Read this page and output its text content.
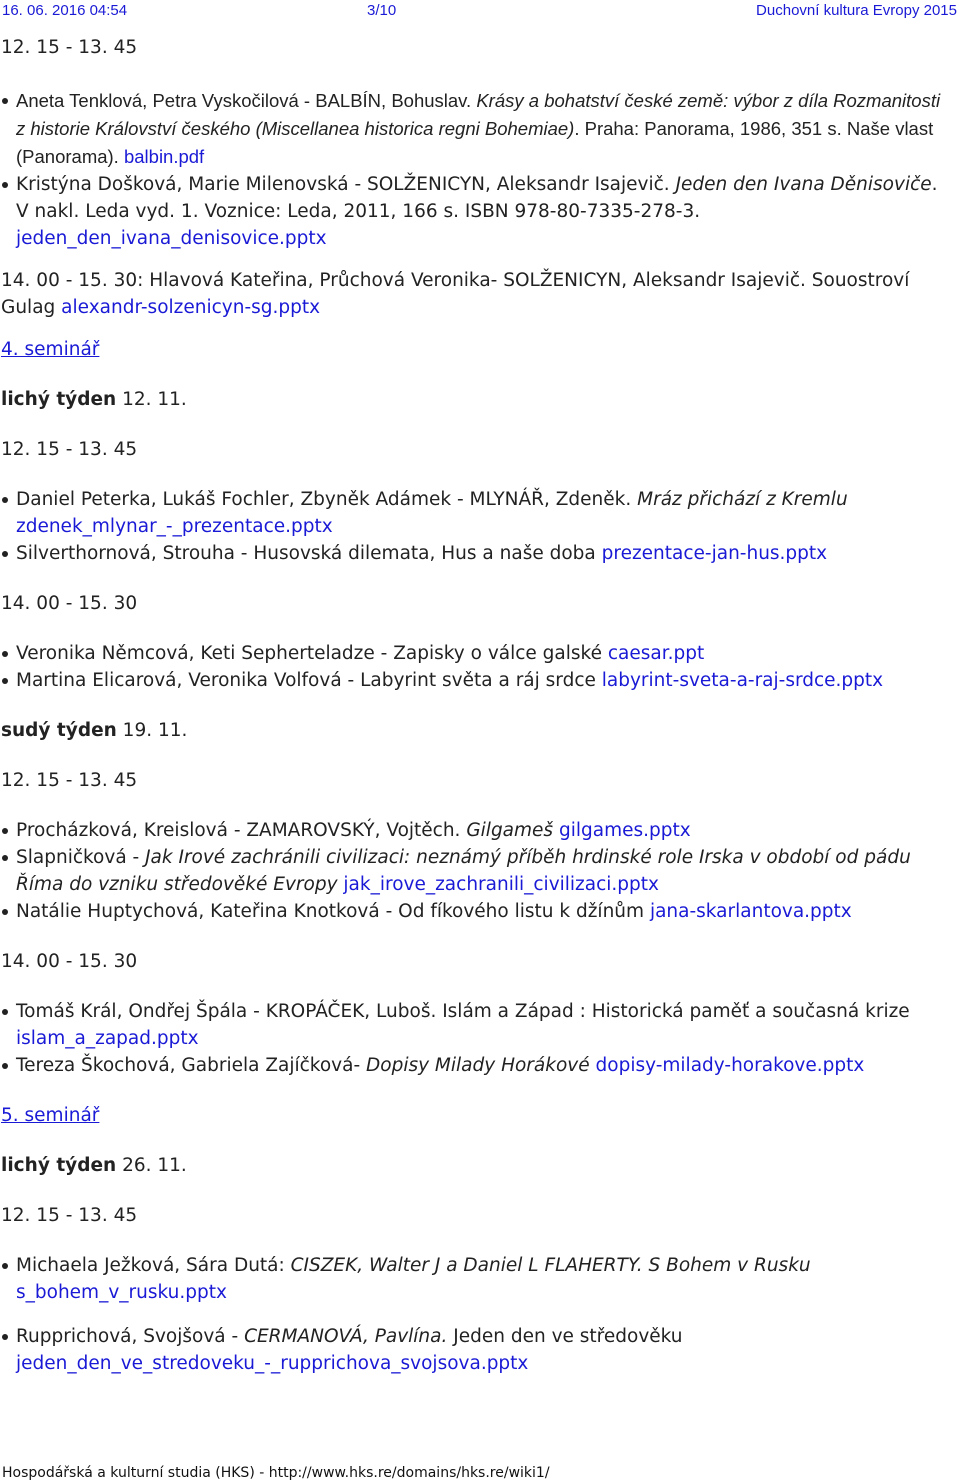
16. 06. 2016 04:54	3/10	Duchovní kultura Evropy 2015

12. 15 - 13. 45

Aneta Tenklová, Petra Vyskočilová - BALBÍN, Bohuslav. Krásy a bohatství české země: výbor z díla Rozmanitosti z historie Království českého (Miscellanea historica regni Bohemiae). Praha: Panorama, 1986, 351 s. Naše vlast (Panorama). balbin.pdf
Kristýna Došková, Marie Milenovská - SOLŽENICYN, Aleksandr Isajevič. Jeden den Ivana Děnisoviče. V nakl. Leda vyd. 1. Voznice: Leda, 2011, 166 s. ISBN 978-80-7335-278-3. jeden_den_ivana_denisovice.pptx

14. 00 - 15. 30: Hlavová Kateřina, Průchová Veronika- SOLŽENICYN, Aleksandr Isajevič. Souostroví Gulag alexandr-solzenicyn-sg.pptx

4. seminář

lichý týden 12. 11.

12. 15 - 13. 45

Daniel Peterka, Lukáš Fochler, Zbyněk Adámek - MLYNÁŘ, Zdeněk. Mráz přichází z Kremlu
zdenek_mlynar_-_prezentace.pptx
Silverthornová, Strouha - Husovská dilemata, Hus a naše doba prezentace-jan-hus.pptx

14. 00 - 15. 30

Veronika Němcová, Keti Sepherteladze - Zapisky o válce galské caesar.ppt
Martina Elicarová, Veronika Volfová - Labyrint světa a ráj srdce labyrint-sveta-a-raj-srdce.pptx

sudý týden 19. 11.

12. 15 - 13. 45

Procházková, Kreislová - ZAMAROVSKÝ, Vojtěch. Gilgameš gilgames.pptx
Slapničková - Jak Irové zachránili civilizaci: neznámý příběh hrdinské role Irska v období od pádu Říma do vzniku středověké Evropy jak_irove_zachranili_civilizaci.pptx
Natálie Huptychová, Kateřina Knotková - Od fíkového listu k džínům jana-skarlantova.pptx

14. 00 - 15. 30

Tomáš Král, Ondřej Špála - KROPÁČEK, Luboš. Islám a Západ : Historická paměť a současná krize
islam_a_zapad.pptx
Tereza Škochová, Gabriela Zajíčková- Dopisy Milady Horákové dopisy-milady-horakove.pptx

5. seminář

lichý týden 26. 11.

12. 15 - 13. 45

Michaela Ježková, Sára Dutá: CISZEK, Walter J a Daniel L FLAHERTY. S Bohem v Rusku
s_bohem_v_rusku.pptx
Rupprichová, Svojšová - CERMANOVÁ, Pavlína. Jeden den ve středověku
jeden_den_ve_stredoveku_-_rupprichova_svojsova.pptx
Hospodářská a kulturní studia (HKS) - http://www.hks.re/domains/hks.re/wiki1/
